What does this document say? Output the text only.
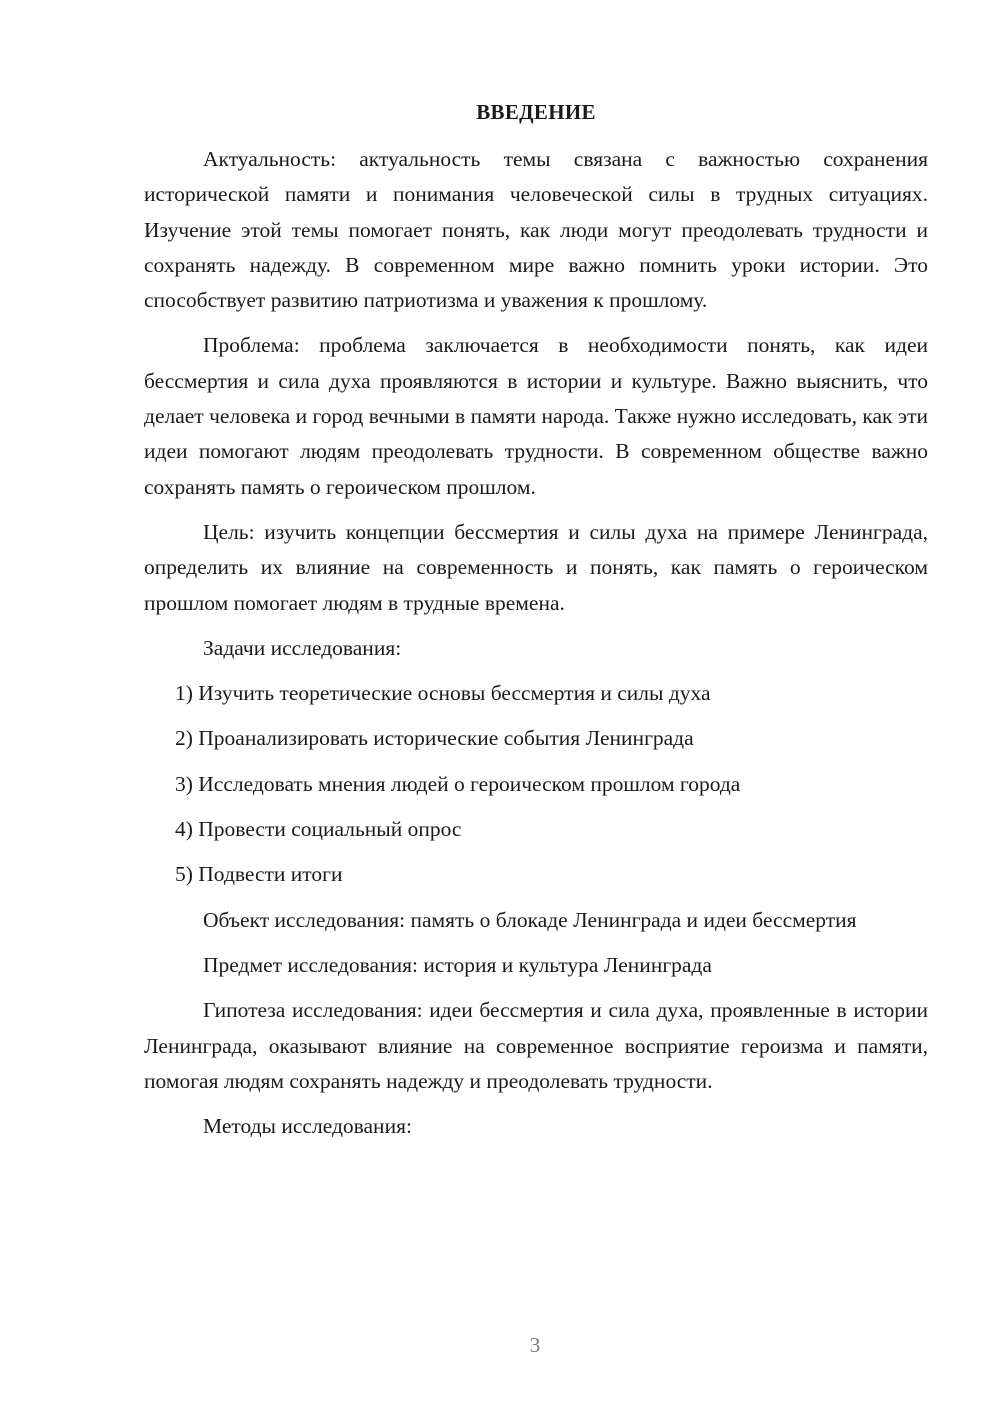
ВВЕДЕНИЕ

Актуальность: актуальность темы связана с важностью сохранения исторической памяти и понимания человеческой силы в трудных ситуациях. Изучение этой темы помогает понять, как люди могут преодолевать трудности и сохранять надежду. В современном мире важно помнить уроки истории. Это способствует развитию патриотизма и уважения к прошлому.

Проблема: проблема заключается в необходимости понять, как идеи бессмертия и сила духа проявляются в истории и культуре. Важно выяснить, что делает человека и город вечными в памяти народа. Также нужно исследовать, как эти идеи помогают людям преодолевать трудности. В современном обществе важно сохранять память о героическом прошлом.

Цель: изучить концепции бессмертия и силы духа на примере Ленинграда, определить их влияние на современность и понять, как память о героическом прошлом помогает людям в трудные времена.

Задачи исследования:

1) Изучить теоретические основы бессмертия и силы духа
2) Проанализировать исторические события Ленинграда
3) Исследовать мнения людей о героическом прошлом города
4) Провести социальный опрос
5) Подвести итоги

Объект исследования: память о блокаде Ленинграда и идеи бессмертия

Предмет исследования: история и культура Ленинграда

Гипотеза исследования: идеи бессмертия и сила духа, проявленные в истории Ленинграда, оказывают влияние на современное восприятие героизма и памяти, помогая людям сохранять надежду и преодолевать трудности.

Методы исследования:

3
